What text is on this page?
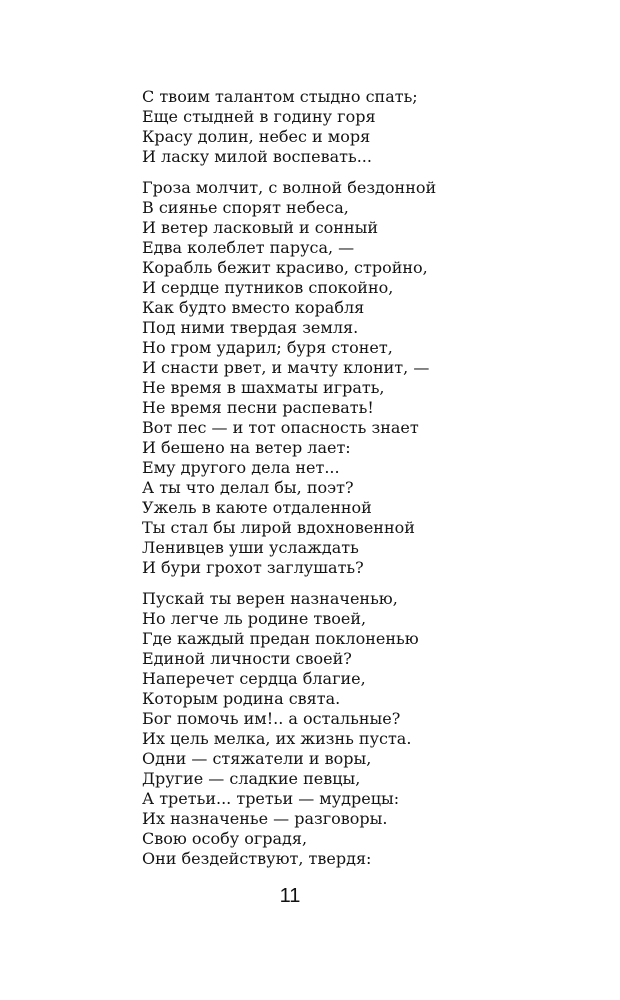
С твоим талантом стыдно спать;
Еще стыдней в годину горя
Красу долин, небес и моря
И ласку милой воспевать...
Гроза молчит, с волной бездонной
В сиянье спорят небеса,
И ветер ласковый и сонный
Едва колеблет паруса, —
Корабль бежит красиво, стройно,
И сердце путников спокойно,
Как будто вместо корабля
Под ними твердая земля.
Но гром ударил; буря стонет,
И снасти рвет, и мачту клонит, —
Не время в шахматы играть,
Не время песни распевать!
Вот пес — и тот опасность знает
И бешено на ветер лает:
Ему другого дела нет...
А ты что делал бы, поэт?
Ужель в каюте отдаленной
Ты стал бы лирой вдохновенной
Ленивцев уши услаждать
И бури грохот заглушать?
Пускай ты верен назначенью,
Но легче ль родине твоей,
Где каждый предан поклоненью
Единой личности своей?
Наперечет сердца благие,
Которым родина свята.
Бог помочь им!.. а остальные?
Их цель мелка, их жизнь пуста.
Одни — стяжатели и воры,
Другие — сладкие певцы,
А третьи... третьи — мудрецы:
Их назначенье — разговоры.
Свою особу оградя,
Они бездействуют, твердя:
11
